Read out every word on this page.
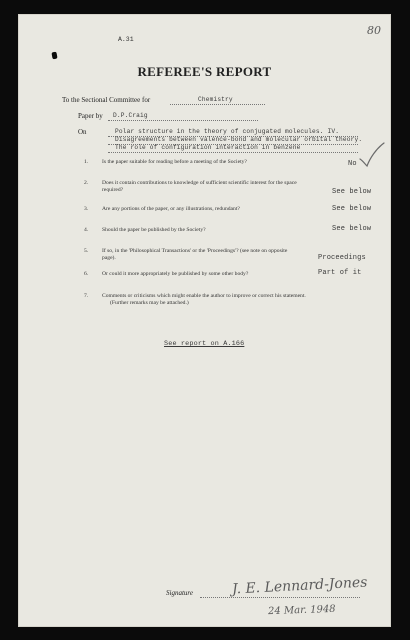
80
A.31
REFEREE'S REPORT
To the Sectional Committee for	Chemistry
Paper by D.P.Craig
On	Polar structure in the theory of conjugated molecules. IV.
Disagreements between valence-bond and molecular orbital theory.
The role of configuration interaction in benzene
1. Is the paper suitable for reading before a meeting of the Society?	No
2. Does it contain contributions to knowledge of sufficient scientific interest for the space
required?	See below
3. Are any portions of the paper, or any illustrations, redundant?	See below
4. Should the paper be published by the Society?	See below
5. If so, in the 'Philosophical Transactions' or the 'Proceedings'? (see note on opposite
page).	Proceedings
6. Or could it more appropriately be published by some other body?	Part of it
7. Comments or criticisms which might enable the author to improve or correct his statement.
(Further remarks may be attached.)
See report on A.166
Signature	J. E. Lennard-Jones
24 Mar. 1948
